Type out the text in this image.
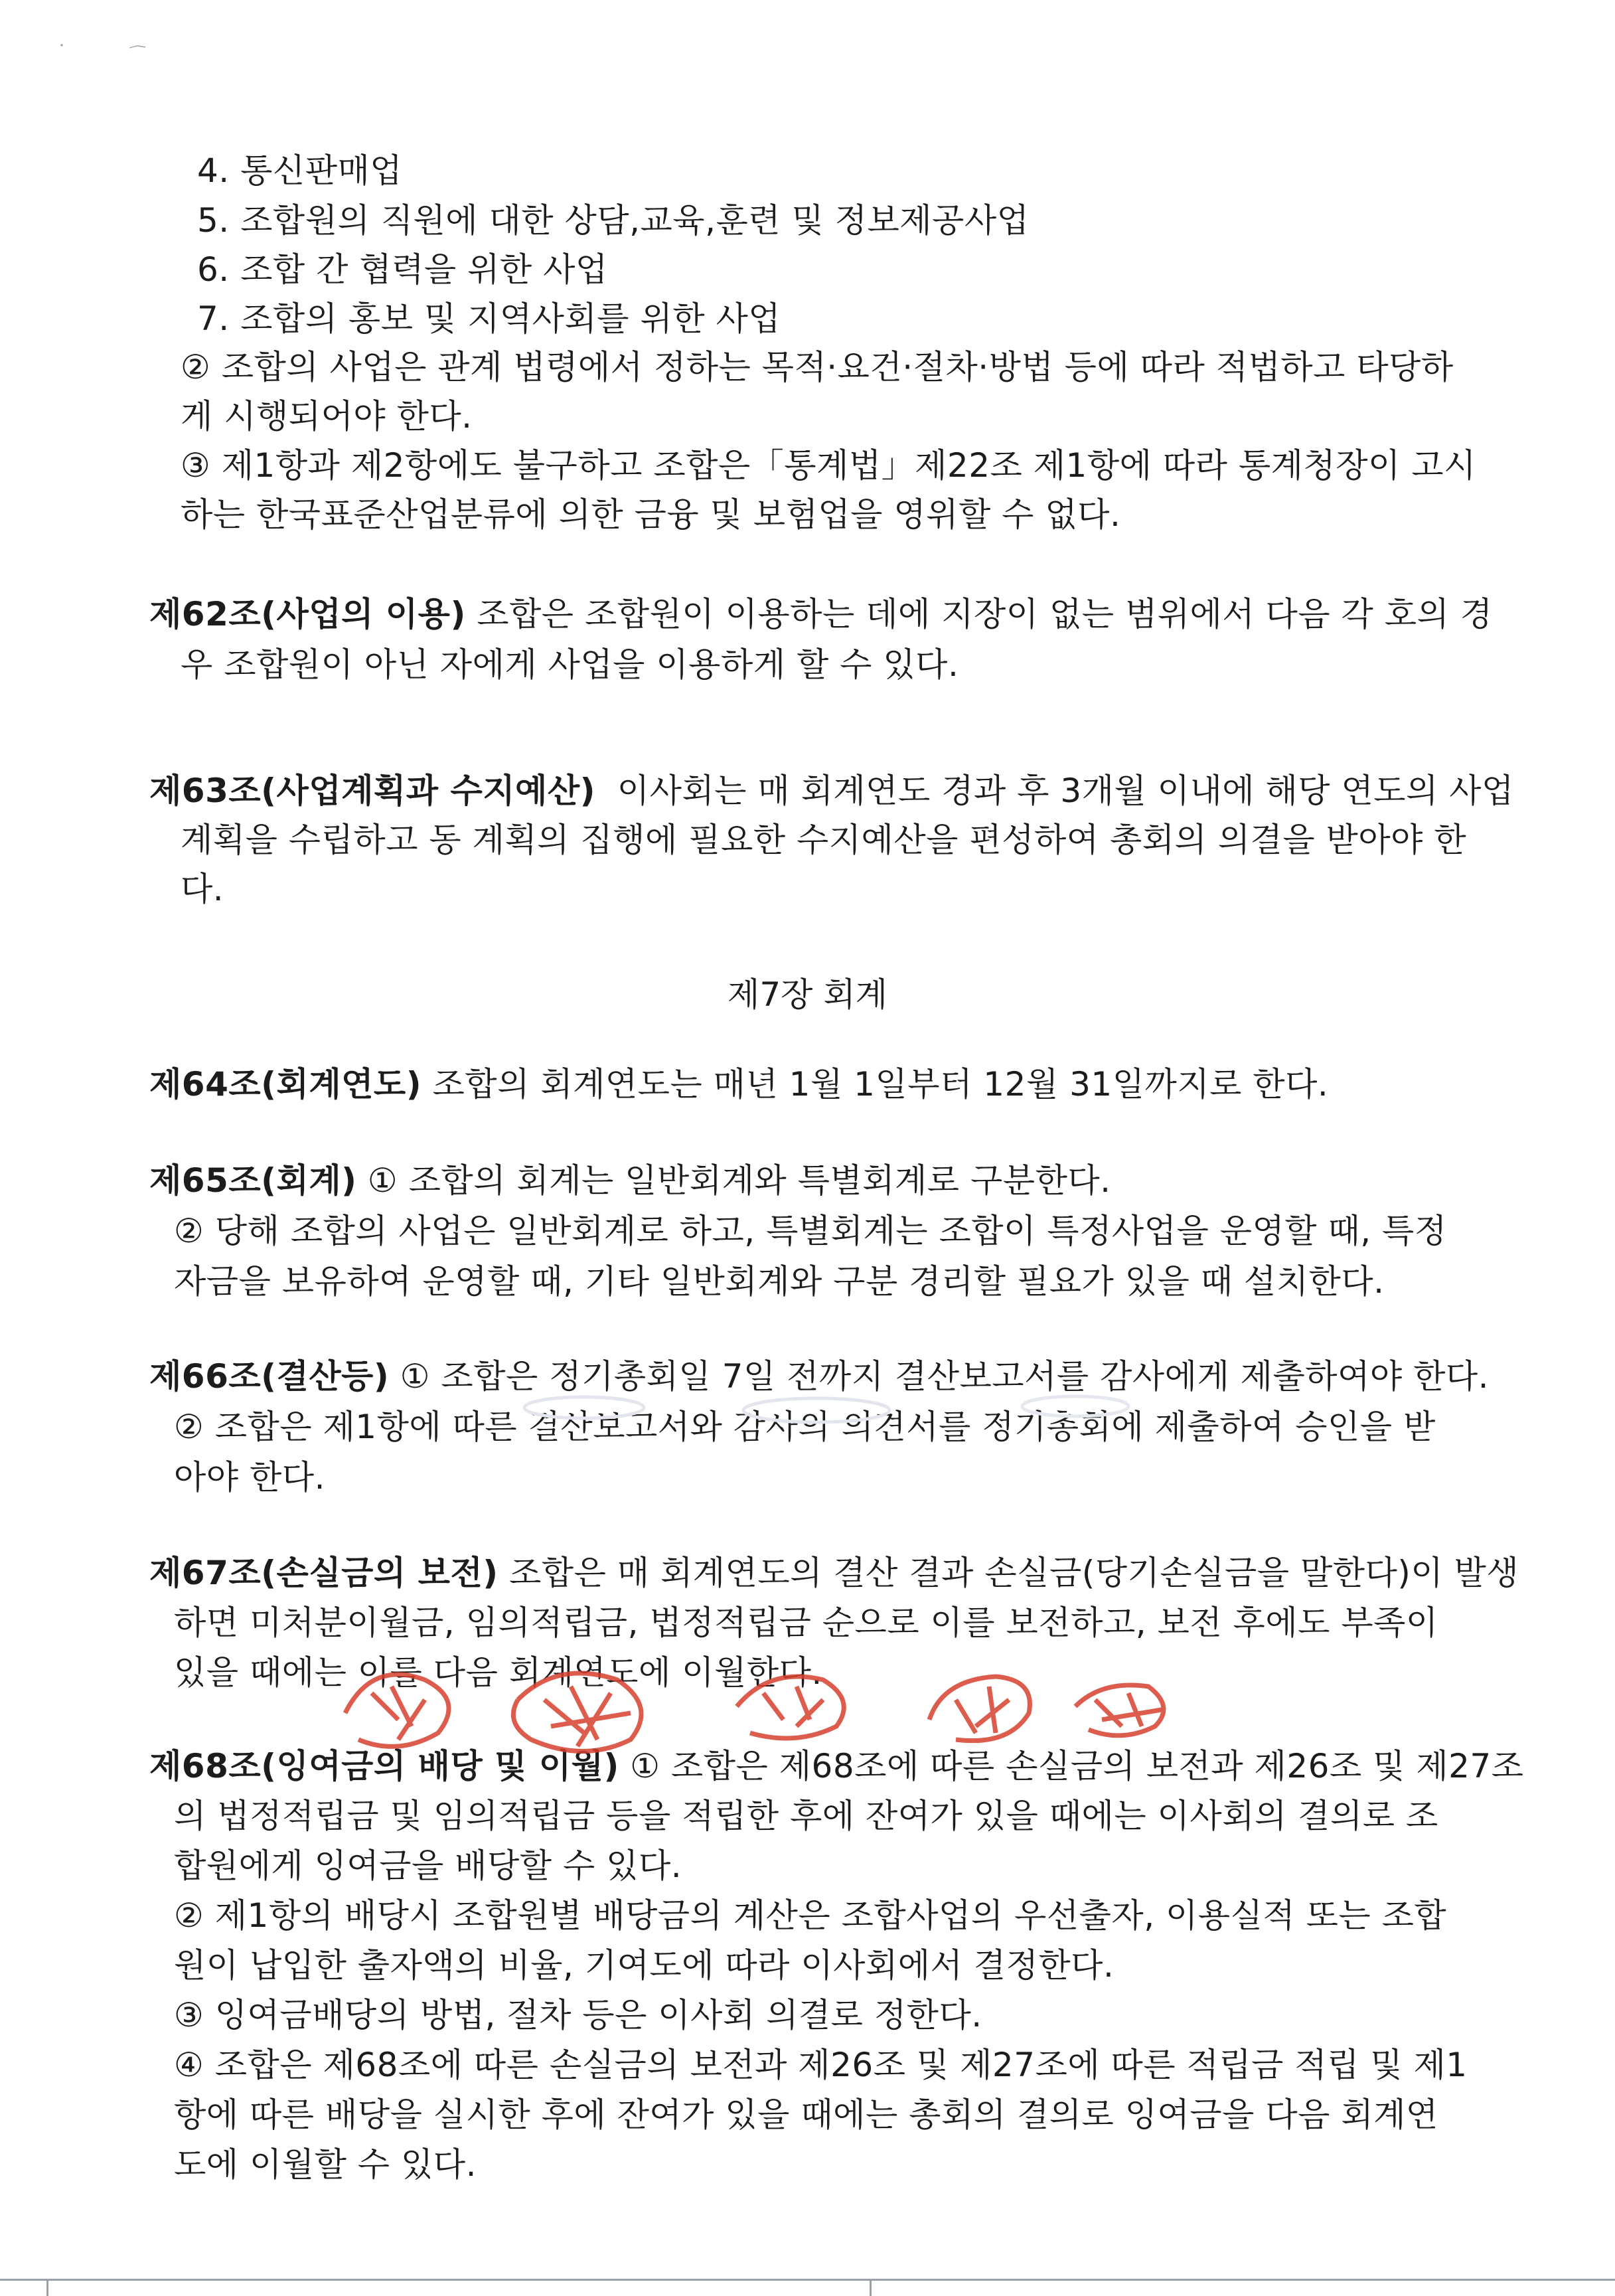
4. 통신판매업

5. 조합원의 직원에 대한 상담,교육,훈련 및 정보제공사업

6. 조합 간 협력을 위한 사업

7. 조합의 홍보 및 지역사회를 위한 사업

② 조합의 사업은 관계 법령에서 정하는 목적·요건·절차·방법 등에 따라 적법하고 타당하

게 시행되어야 한다.

③ 제1항과 제2항에도 불구하고 조합은「통계법」제22조 제1항에 따라 통계청장이 고시

하는 한국표준산업분류에 의한 금융 및 보험업을 영위할 수 없다.

제62조(사업의 이용) 조합은 조합원이 이용하는 데에 지장이 없는 범위에서 다음 각 호의 경

우 조합원이 아닌 자에게 사업을 이용하게 할 수 있다.

제63조(사업계획과 수지예산)  이사회는 매 회계연도 경과 후 3개월 이내에 해당 연도의 사업

계획을 수립하고 동 계획의 집행에 필요한 수지예산을 편성하여 총회의 의결을 받아야 한

다.

제7장 회계

제64조(회계연도) 조합의 회계연도는 매년 1월 1일부터 12월 31일까지로 한다.

제65조(회계) ① 조합의 회계는 일반회계와 특별회계로 구분한다.

② 당해 조합의 사업은 일반회계로 하고, 특별회계는 조합이 특정사업을 운영할 때, 특정

자금을 보유하여 운영할 때, 기타 일반회계와 구분 경리할 필요가 있을 때 설치한다.

제66조(결산등) ① 조합은 정기총회일 7일 전까지 결산보고서를 감사에게 제출하여야 한다.

② 조합은 제1항에 따른 결산보고서와 감사의 의견서를 정기총회에 제출하여 승인을 받

아야 한다.

제67조(손실금의 보전) 조합은 매 회계연도의 결산 결과 손실금(당기손실금을 말한다)이 발생

하면 미처분이월금, 임의적립금, 법정적립금 순으로 이를 보전하고, 보전 후에도 부족이

있을 때에는 이를 다음 회계연도에 이월한다.

제68조(잉여금의 배당 및 이월) ① 조합은 제68조에 따른 손실금의 보전과 제26조 및 제27조

의 법정적립금 및 임의적립금 등을 적립한 후에 잔여가 있을 때에는 이사회의 결의로 조

합원에게 잉여금을 배당할 수 있다.

② 제1항의 배당시 조합원별 배당금의 계산은 조합사업의 우선출자, 이용실적 또는 조합

원이 납입한 출자액의 비율, 기여도에 따라 이사회에서 결정한다.

③ 잉여금배당의 방법, 절차 등은 이사회 의결로 정한다.

④ 조합은 제68조에 따른 손실금의 보전과 제26조 및 제27조에 따른 적립금 적립 및 제1

항에 따른 배당을 실시한 후에 잔여가 있을 때에는 총회의 결의로 잉여금을 다음 회계연

도에 이월할 수 있다.
